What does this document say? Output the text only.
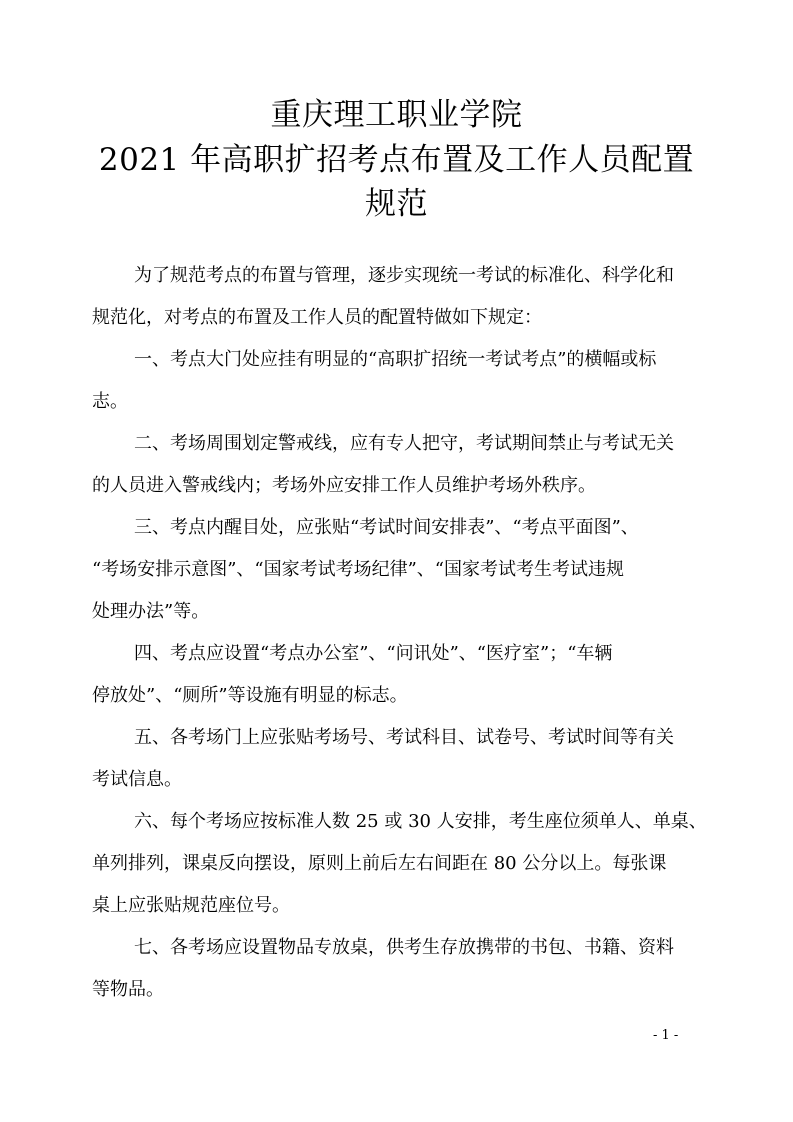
重庆理工职业学院
2021 年高职扩招考点布置及工作人员配置
规范
为了规范考点的布置与管理，逐步实现统一考试的标准化、科学化和
规范化，对考点的布置及工作人员的配置特做如下规定：
一、考点大门处应挂有明显的“高职扩招统一考试考点”的横幅或标
志。
二、考场周围划定警戒线，应有专人把守，考试期间禁止与考试无关
的人员进入警戒线内；考场外应安排工作人员维护考场外秩序。
三、考点内醒目处，应张贴“考试时间安排表”、“考点平面图”、
“考场安排示意图”、“国家考试考场纪律”、“国家考试考生考试违规
处理办法”等。
四、考点应设置“考点办公室”、“问讯处”、“医疗室”；“车辆
停放处”、“厕所”等设施有明显的标志。
五、各考场门上应张贴考场号、考试科目、试卷号、考试时间等有关
考试信息。
六、每个考场应按标准人数 25 或 30 人安排，考生座位须单人、单桌、
单列排列，课桌反向摆设，原则上前后左右间距在 80 公分以上。每张课
桌上应张贴规范座位号。
七、各考场应设置物品专放桌，供考生存放携带的书包、书籍、资料
等物品。
- 1 -
